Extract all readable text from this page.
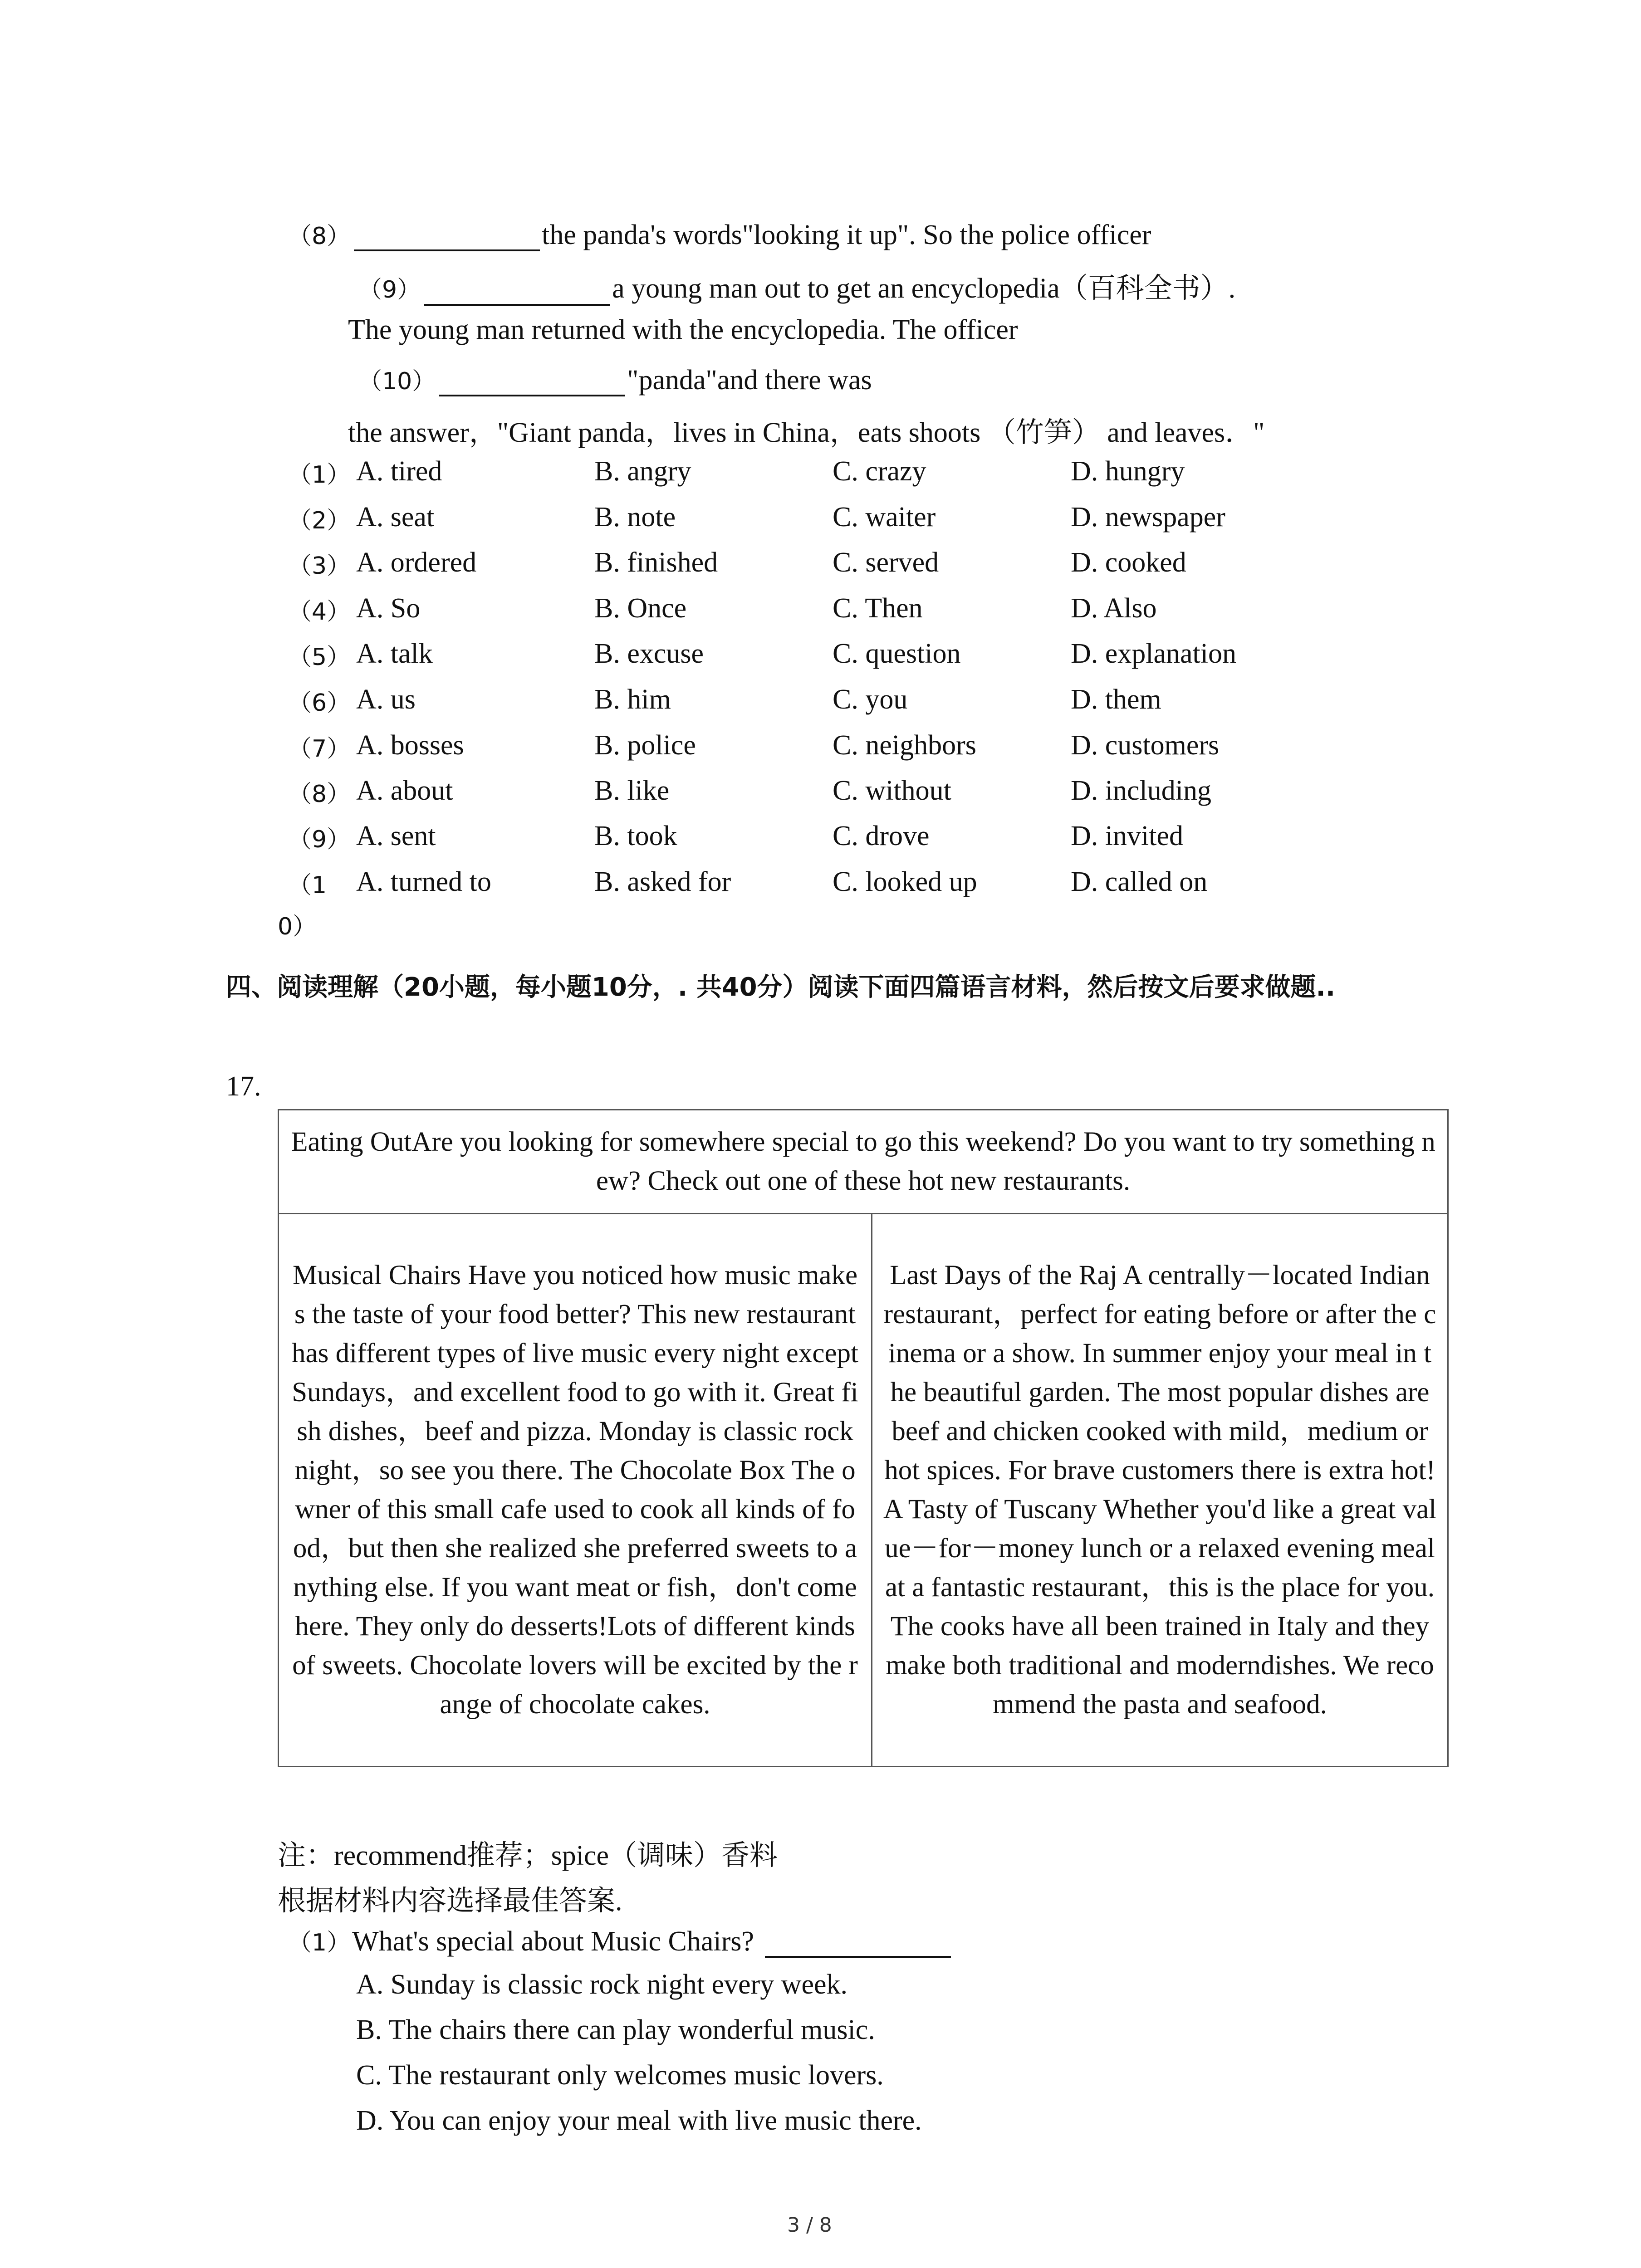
（8）	the panda's words"looking it up". So the police officer
（9）	a young man out to get an encyclopedia（百科全书）.
The young man returned with the encyclopedia. The officer
（10）	"panda"and there was
the answer，"Giant panda，lives in China，eats shoots （竹笋） and leaves．"
（1） A. tired	B. angry	C. crazy	D. hungry
（2） A. seat	B. note	C. waiter	D. newspaper
（3） A. ordered	B. finished	C. served	D. cooked
（4） A. So	B. Once	C. Then	D. Also
（5） A. talk	B. excuse	C. question	D. explanation
（6） A. us	B. him	C. you	D. them
（7） A. bosses	B. police	C. neighbors	D. customers
（8） A. about	B. like	C. without	D. including
（9） A. sent	B. took	C. drove	D. invited
（1 A. turned to	B. asked for	C. looked up	D. called on
0）
四、阅读理解（20小题，每小题10分，. 共40分）阅读下面四篇语言材料，然后按文后要求做题..
17.
Eating OutAre you looking for somewhere special to go this weekend? Do you want to try something new? Check out one of these hot new restaurants.
Musical Chairs Have you noticed how music makes the taste of your food better? This new restaurant has different types of live music every night except Sundays，and excellent food to go with it. Great fish dishes，beef and pizza. Monday is classic rock night，so see you there. The Chocolate Box The owner of this small cafe used to cook all kinds of food，but then she realized she preferred sweets to anything else. If you want meat or fish，don't come here. They only do desserts!Lots of different kinds of sweets. Chocolate lovers will be excited by the range of chocolate cakes.	Last Days of the Raj A centrally－located Indian restaurant，perfect for eating before or after the cinema or a show. In summer enjoy your meal in the beautiful garden. The most popular dishes are beef and chicken cooked with mild，medium or hot spices. For brave customers there is extra hot!A Tasty of Tuscany Whether you'd like a great value－for－money lunch or a relaxed evening meal at a fantastic restaurant，this is the place for you. The cooks have all been trained in Italy and they make both traditional and moderndishes. We recommend the pasta and seafood.
注：recommend推荐；spice（调味）香料
根据材料内容选择最佳答案.
（1） What's special about Music Chairs?
A. Sunday is classic rock night every week.
B. The chairs there can play wonderful music.
C. The restaurant only welcomes music lovers.
D. You can enjoy your meal with live music there.
3 / 8
